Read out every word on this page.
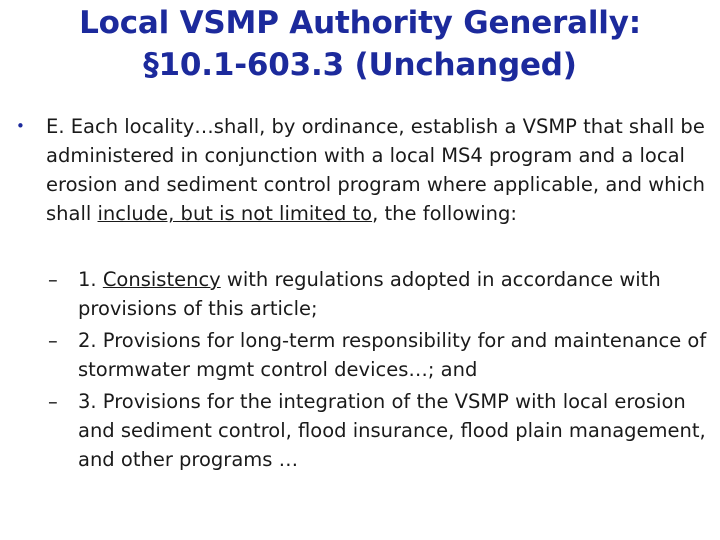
Local VSMP Authority Generally:
§10.1-603.3 (Unchanged)
•	E. Each locality…shall, by ordinance, establish a VSMP that shall be administered in conjunction with a local MS4 program and a local erosion and sediment control program where applicable, and which shall include, but is not limited to, the following:
–	1. Consistency with regulations adopted in accordance with provisions of this article;
–	2. Provisions for long-term responsibility for and maintenance of stormwater mgmt control devices…; and
–	3. Provisions for the integration of the VSMP with local erosion and sediment control, flood insurance, flood plain management, and other programs …
